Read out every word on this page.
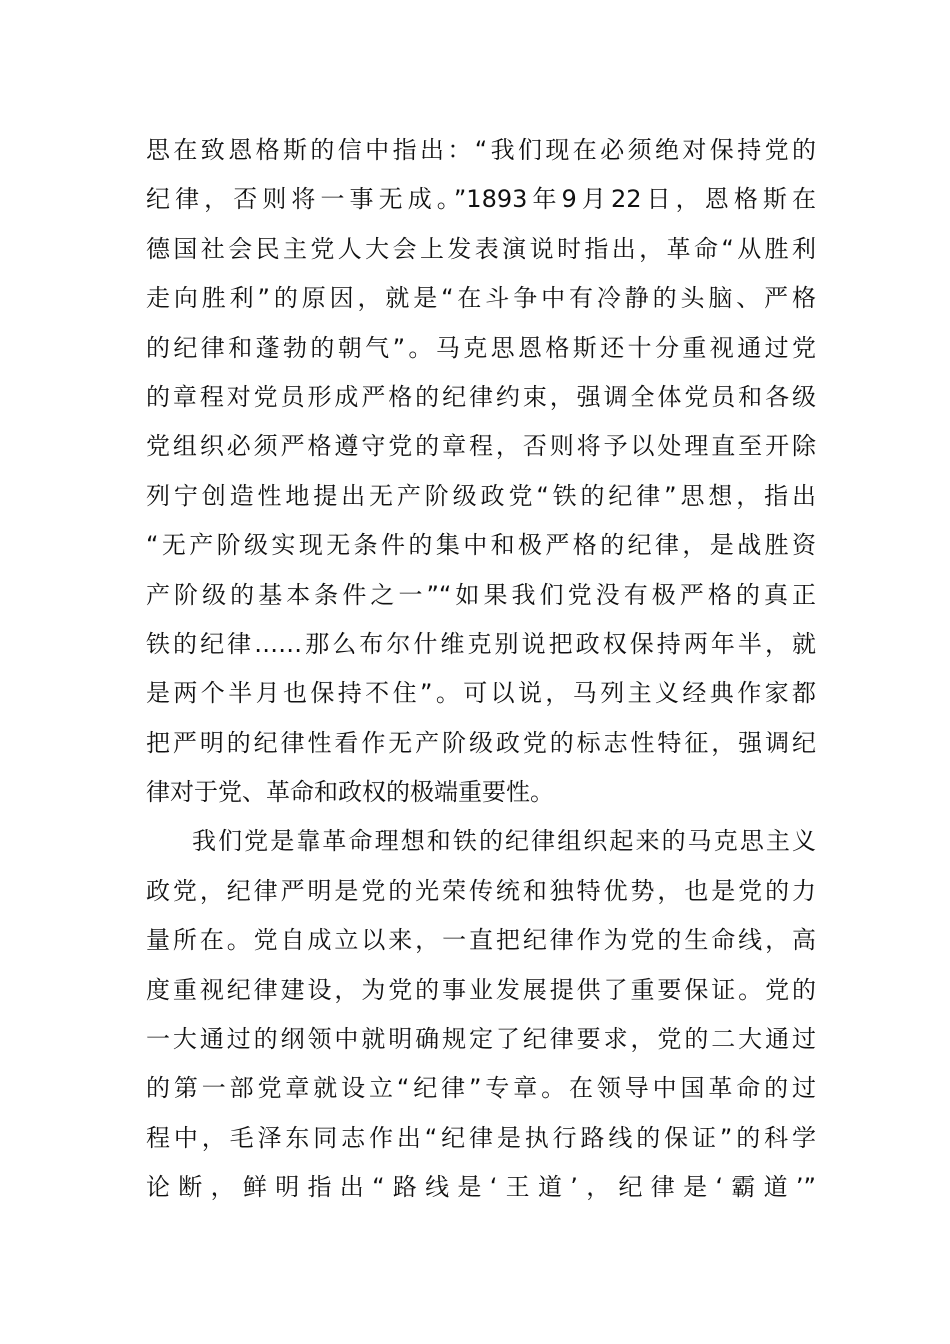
思在致恩格斯的信中指出：“我们现在必须绝对保持党的
纪律，否则将一事无成。”1893年9月22日，恩格斯在
德国社会民主党人大会上发表演说时指出，革命“从胜利
走向胜利”的原因，就是“在斗争中有冷静的头脑、严格
的纪律和蓬勃的朝气”。马克思恩格斯还十分重视通过党
的章程对党员形成严格的纪律约束，强调全体党员和各级
党组织必须严格遵守党的章程，否则将予以处理直至开除
列宁创造性地提出无产阶级政党“铁的纪律”思想，指出
“无产阶级实现无条件的集中和极严格的纪律，是战胜资
产阶级的基本条件之一”“如果我们党没有极严格的真正
铁的纪律……那么布尔什维克别说把政权保持两年半，就
是两个半月也保持不住”。可以说，马列主义经典作家都
把严明的纪律性看作无产阶级政党的标志性特征，强调纪
律对于党、革命和政权的极端重要性。
我们党是靠革命理想和铁的纪律组织起来的马克思主义
政党，纪律严明是党的光荣传统和独特优势，也是党的力
量所在。党自成立以来，一直把纪律作为党的生命线，高
度重视纪律建设，为党的事业发展提供了重要保证。党的
一大通过的纲领中就明确规定了纪律要求，党的二大通过
的第一部党章就设立“纪律”专章。在领导中国革命的过
程中，毛泽东同志作出“纪律是执行路线的保证”的科学
论断，鲜明指出“路线是‘王道’，纪律是‘霸道’”
